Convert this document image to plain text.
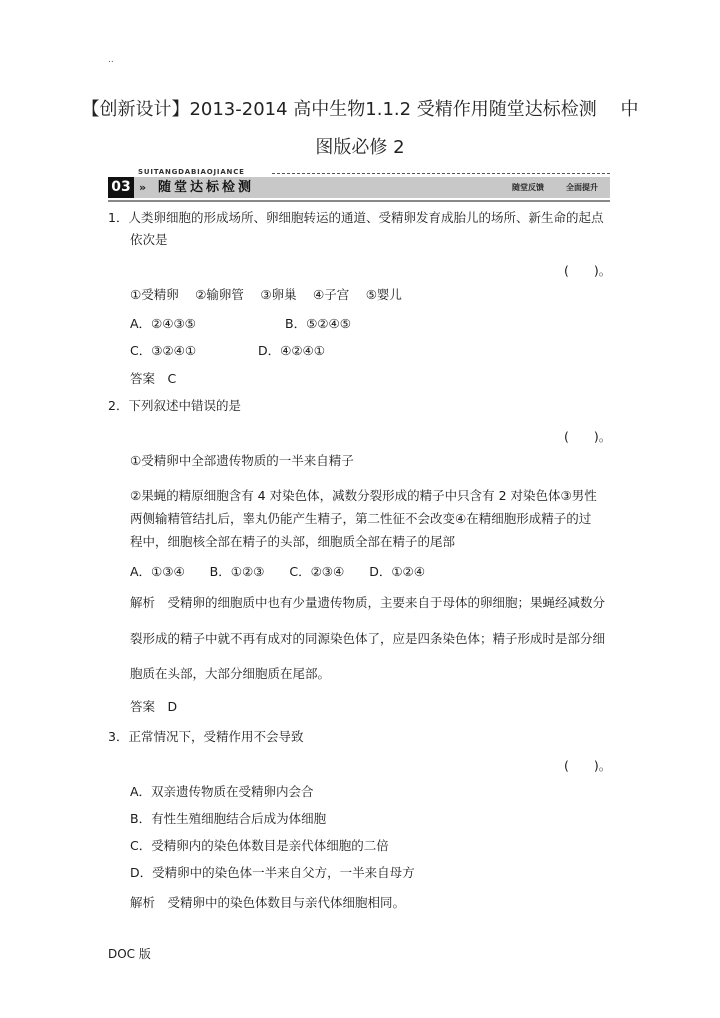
..
【创新设计】2013-2014 高中生物1.1.2 受精作用随堂达标检测　 中
图版必修 2
SUITANGDABIAOJIANCE
03 » 随堂达标检测	随堂反馈	全面提升
1．人类卵细胞的形成场所、卵细胞转运的通道、受精卵发育成胎儿的场所、新生命的起点
依次是
(　　)。
①受精卵　 ②输卵管　 ③卵巢　 ④子宫　 ⑤婴儿
A．②④③⑤	B．⑤②④⑤
C．③②④①	D．④②④①
答案　C
2．下列叙述中错误的是
(　　)。
①受精卵中全部遗传物质的一半来自精子
②果蝇的精原细胞含有 4 对染色体，减数分裂形成的精子中只含有 2 对染色体③男性
两侧输精管结扎后，睾丸仍能产生精子，第二性征不会改变④在精细胞形成精子的过
程中，细胞核全部在精子的头部，细胞质全部在精子的尾部
A．①③④　　B．①②③　　C．②③④　　D．①②④
解析　受精卵的细胞质中也有少量遗传物质，主要来自于母体的卵细胞；果蝇经减数分
裂形成的精子中就不再有成对的同源染色体了，应是四条染色体；精子形成时是部分细
胞质在头部，大部分细胞质在尾部。
答案　D
3．正常情况下，受精作用不会导致
(　　)。
A．双亲遗传物质在受精卵内会合
B．有性生殖细胞结合后成为体细胞
C．受精卵内的染色体数目是亲代体细胞的二倍
D．受精卵中的染色体一半来自父方，一半来自母方
解析　受精卵中的染色体数目与亲代体细胞相同。
DOC 版
